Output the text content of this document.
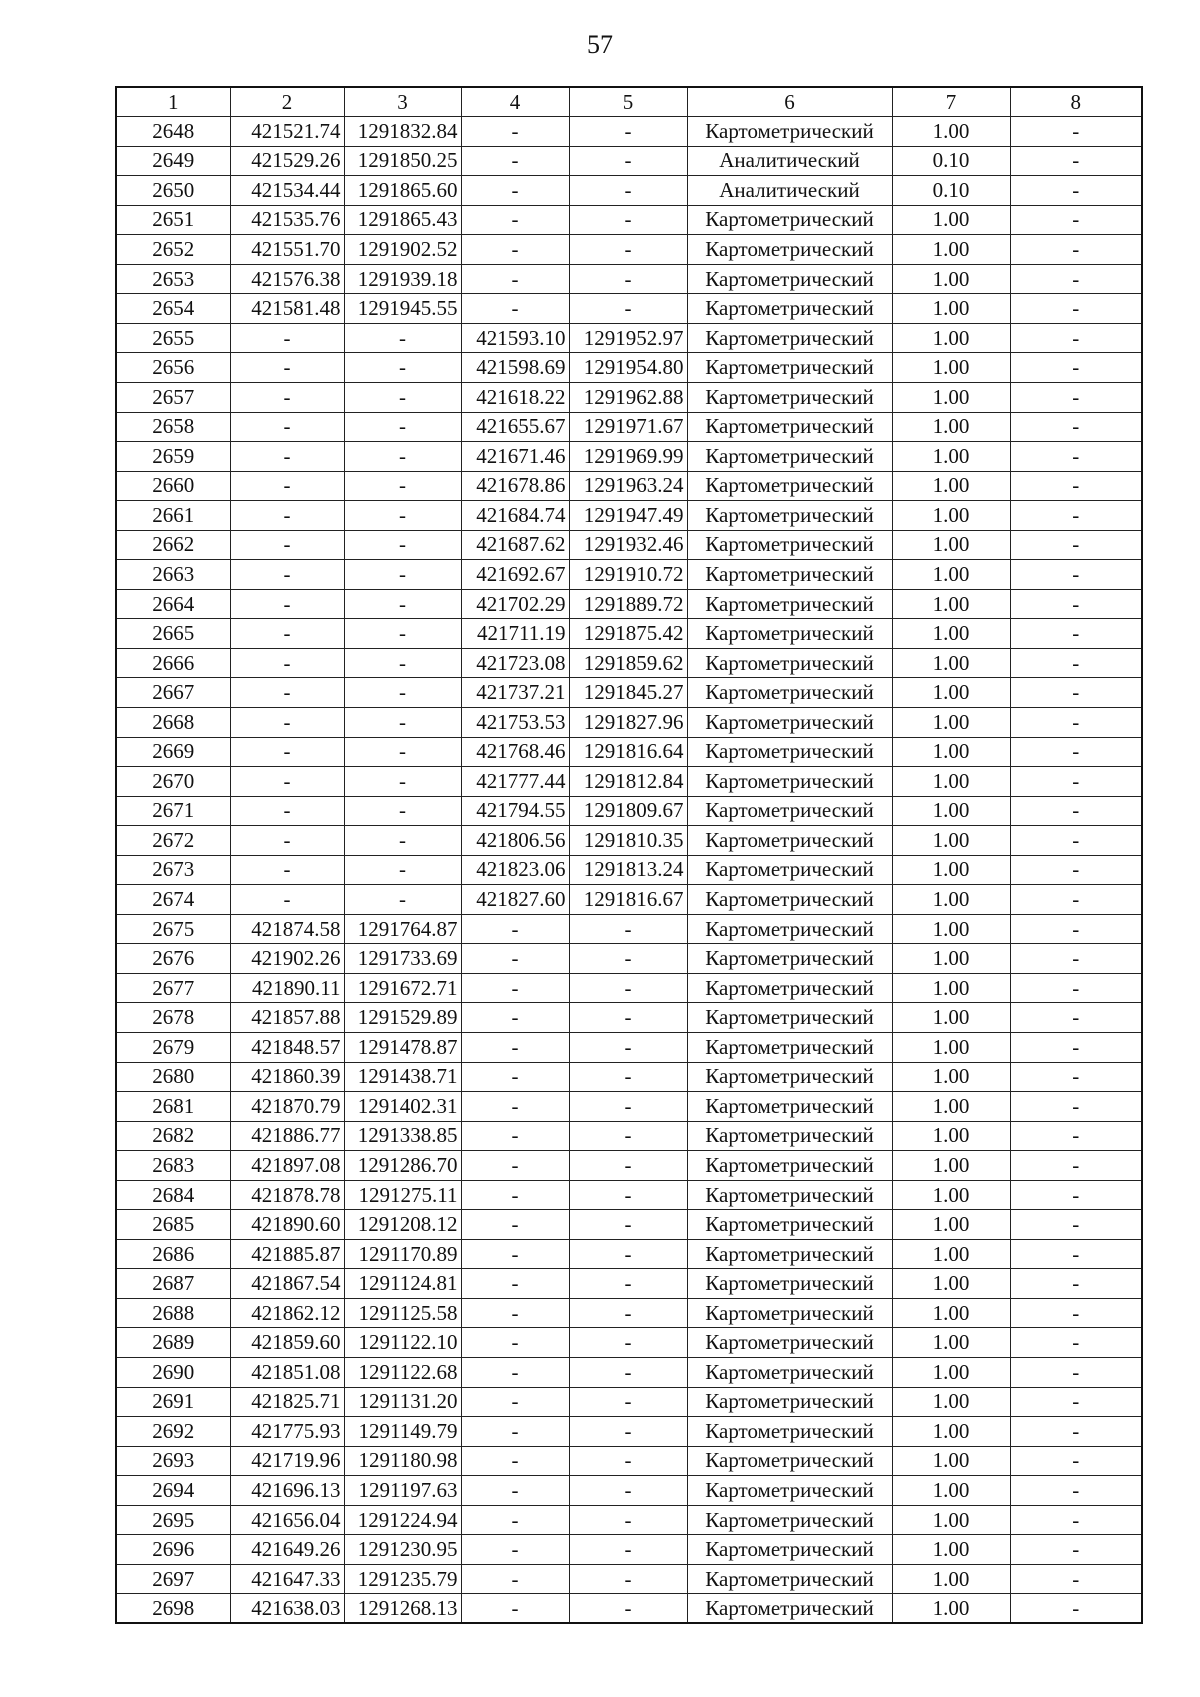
57
1	2	3	4	5	6	7	8
2648	421521.74	1291832.84	-	-	Картометрический	1.00	-
2649	421529.26	1291850.25	-	-	Аналитический	0.10	-
2650	421534.44	1291865.60	-	-	Аналитический	0.10	-
2651	421535.76	1291865.43	-	-	Картометрический	1.00	-
2652	421551.70	1291902.52	-	-	Картометрический	1.00	-
2653	421576.38	1291939.18	-	-	Картометрический	1.00	-
2654	421581.48	1291945.55	-	-	Картометрический	1.00	-
2655	-	-	421593.10	1291952.97	Картометрический	1.00	-
2656	-	-	421598.69	1291954.80	Картометрический	1.00	-
2657	-	-	421618.22	1291962.88	Картометрический	1.00	-
2658	-	-	421655.67	1291971.67	Картометрический	1.00	-
2659	-	-	421671.46	1291969.99	Картометрический	1.00	-
2660	-	-	421678.86	1291963.24	Картометрический	1.00	-
2661	-	-	421684.74	1291947.49	Картометрический	1.00	-
2662	-	-	421687.62	1291932.46	Картометрический	1.00	-
2663	-	-	421692.67	1291910.72	Картометрический	1.00	-
2664	-	-	421702.29	1291889.72	Картометрический	1.00	-
2665	-	-	421711.19	1291875.42	Картометрический	1.00	-
2666	-	-	421723.08	1291859.62	Картометрический	1.00	-
2667	-	-	421737.21	1291845.27	Картометрический	1.00	-
2668	-	-	421753.53	1291827.96	Картометрический	1.00	-
2669	-	-	421768.46	1291816.64	Картометрический	1.00	-
2670	-	-	421777.44	1291812.84	Картометрический	1.00	-
2671	-	-	421794.55	1291809.67	Картометрический	1.00	-
2672	-	-	421806.56	1291810.35	Картометрический	1.00	-
2673	-	-	421823.06	1291813.24	Картометрический	1.00	-
2674	-	-	421827.60	1291816.67	Картометрический	1.00	-
2675	421874.58	1291764.87	-	-	Картометрический	1.00	-
2676	421902.26	1291733.69	-	-	Картометрический	1.00	-
2677	421890.11	1291672.71	-	-	Картометрический	1.00	-
2678	421857.88	1291529.89	-	-	Картометрический	1.00	-
2679	421848.57	1291478.87	-	-	Картометрический	1.00	-
2680	421860.39	1291438.71	-	-	Картометрический	1.00	-
2681	421870.79	1291402.31	-	-	Картометрический	1.00	-
2682	421886.77	1291338.85	-	-	Картометрический	1.00	-
2683	421897.08	1291286.70	-	-	Картометрический	1.00	-
2684	421878.78	1291275.11	-	-	Картометрический	1.00	-
2685	421890.60	1291208.12	-	-	Картометрический	1.00	-
2686	421885.87	1291170.89	-	-	Картометрический	1.00	-
2687	421867.54	1291124.81	-	-	Картометрический	1.00	-
2688	421862.12	1291125.58	-	-	Картометрический	1.00	-
2689	421859.60	1291122.10	-	-	Картометрический	1.00	-
2690	421851.08	1291122.68	-	-	Картометрический	1.00	-
2691	421825.71	1291131.20	-	-	Картометрический	1.00	-
2692	421775.93	1291149.79	-	-	Картометрический	1.00	-
2693	421719.96	1291180.98	-	-	Картометрический	1.00	-
2694	421696.13	1291197.63	-	-	Картометрический	1.00	-
2695	421656.04	1291224.94	-	-	Картометрический	1.00	-
2696	421649.26	1291230.95	-	-	Картометрический	1.00	-
2697	421647.33	1291235.79	-	-	Картометрический	1.00	-
2698	421638.03	1291268.13	-	-	Картометрический	1.00	-
